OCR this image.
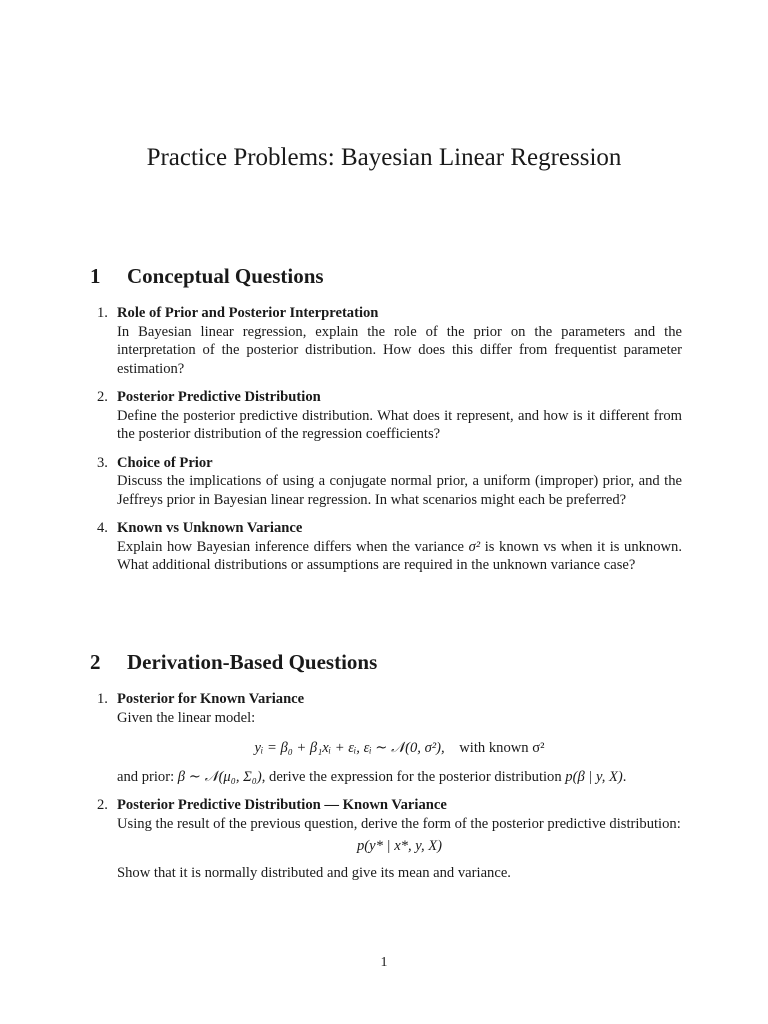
Practice Problems: Bayesian Linear Regression
1 Conceptual Questions
1. Role of Prior and Posterior Interpretation
In Bayesian linear regression, explain the role of the prior on the parameters and the interpretation of the posterior distribution. How does this differ from frequentist parameter estimation?
2. Posterior Predictive Distribution
Define the posterior predictive distribution. What does it represent, and how is it different from the posterior distribution of the regression coefficients?
3. Choice of Prior
Discuss the implications of using a conjugate normal prior, a uniform (improper) prior, and the Jeffreys prior in Bayesian linear regression. In what scenarios might each be preferred?
4. Known vs Unknown Variance
Explain how Bayesian inference differs when the variance σ² is known vs when it is unknown. What additional distributions or assumptions are required in the unknown variance case?
2 Derivation-Based Questions
1. Posterior for Known Variance
Given the linear model:
yᵢ = β₀ + β₁xᵢ + εᵢ, εᵢ ∼ 𝒩(0, σ²), with known σ²
and prior: β ∼ 𝒩(μ₀, Σ₀), derive the expression for the posterior distribution p(β | y, X).
2. Posterior Predictive Distribution — Known Variance
Using the result of the previous question, derive the form of the posterior predictive distribution:
p(y* | x*, y, X)
Show that it is normally distributed and give its mean and variance.
1
